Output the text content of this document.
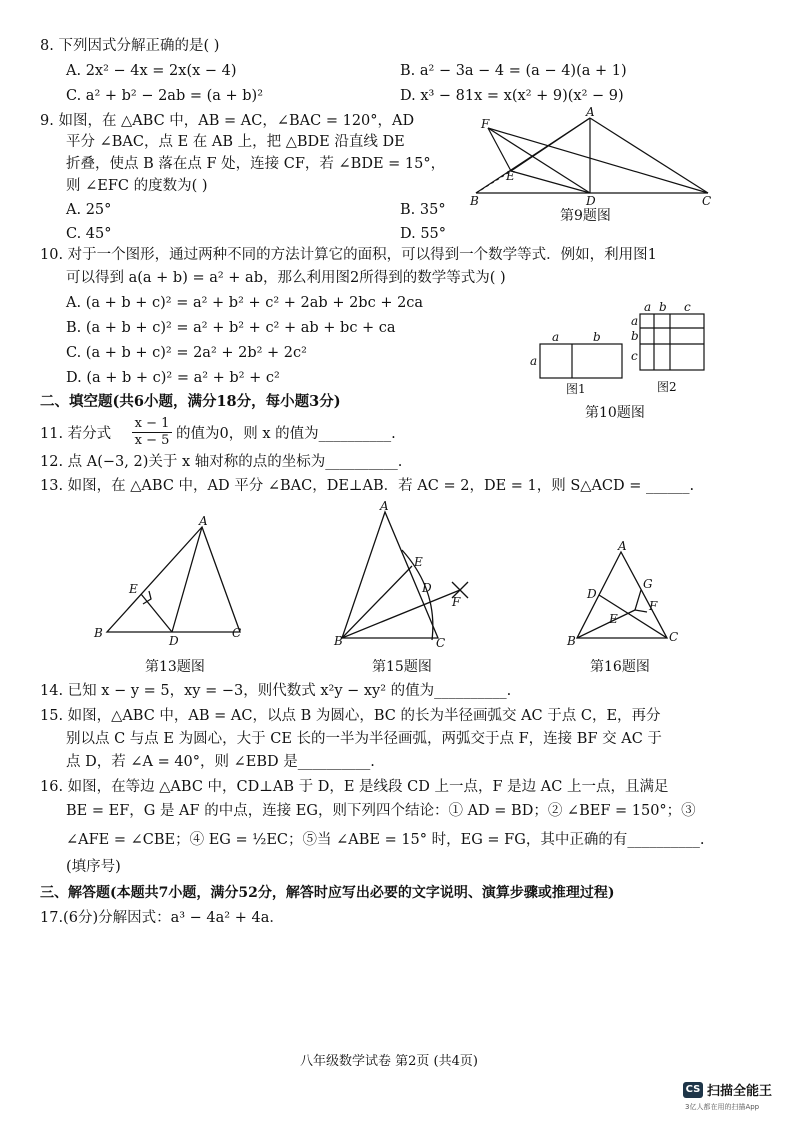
8. 下列因式分解正确的是( )
A. 2x² − 4x = 2x(x − 4)	B. a² − 3a − 4 = (a − 4)(a + 1)
C. a² + b² − 2ab = (a + b)²	D. x³ − 81x = x(x² + 9)(x² − 9)
9. 如图，在 △ABC 中，AB = AC，∠BAC = 120°，AD
平分 ∠BAC，点 E 在 AB 上，把 △BDE 沿直线 DE
折叠，使点 B 落在点 F 处，连接 CF，若 ∠BDE = 15°，
则 ∠EFC 的度数为( )
A. 25°	B. 35°
C. 45°	D. 55°
A
F
E
B	D	C
第9题图
10. 对于一个图形，通过两种不同的方法计算它的面积，可以得到一个数学等式．例如，利用图1
可以得到 a(a + b) = a² + ab，那么利用图2所得到的数学等式为( )
A. (a + b + c)² = a² + b² + c² + 2ab + 2bc + 2ca
B. (a + b + c)² = a² + b² + c² + ab + bc + ca
C. (a + b + c)² = 2a² + 2b² + 2c²
D. (a + b + c)² = a² + b² + c²
a	b
a
图1
a b c
a
b
c
图2
第10题图
二、填空题(共6小题，满分18分，每小题3分)
11. 若分式 $\frac{x - 1}{x - 5}$ 的值为0，则 x 的值为__________.
12. 点 A(−3, 2)关于 x 轴对称的点的坐标为__________.
13. 如图，在 △ABC 中，AD 平分 ∠BAC，DE⊥AB．若 AC = 2，DE = 1，则 S△ACD = ______.
A
E
B
D
C
第13题图
A
E
D
F
B	C
第15题图
A
G
D
E
F
B	C
第16题图
14. 已知 x − y = 5，xy = −3，则代数式 x²y − xy² 的值为__________.
15. 如图，△ABC 中，AB = AC，以点 B 为圆心，BC 的长为半径画弧交 AC 于点 C，E，再分
别以点 C 与点 E 为圆心，大于 CE 长的一半为半径画弧，两弧交于点 F，连接 BF 交 AC 于
点 D，若 ∠A = 40°，则 ∠EBD 是__________.
16. 如图，在等边 △ABC 中，CD⊥AB 于 D，E 是线段 CD 上一点，F 是边 AC 上一点，且满足
BE = EF，G 是 AF 的中点，连接 EG，则下列四个结论：① AD = BD；② ∠BEF = 150°；③
∠AFE = ∠CBE；④ EG = ½EC；⑤当 ∠ABE = 15° 时，EG = FG，其中正确的有__________.
(填序号)
三、解答题(本题共7小题，满分52分，解答时应写出必要的文字说明、演算步骤或推理过程)
17.(6分)分解因式：a³ − 4a² + 4a．
八年级数学试卷 第2页 (共4页)
CS 扫描全能王
3亿人都在用的扫描App
